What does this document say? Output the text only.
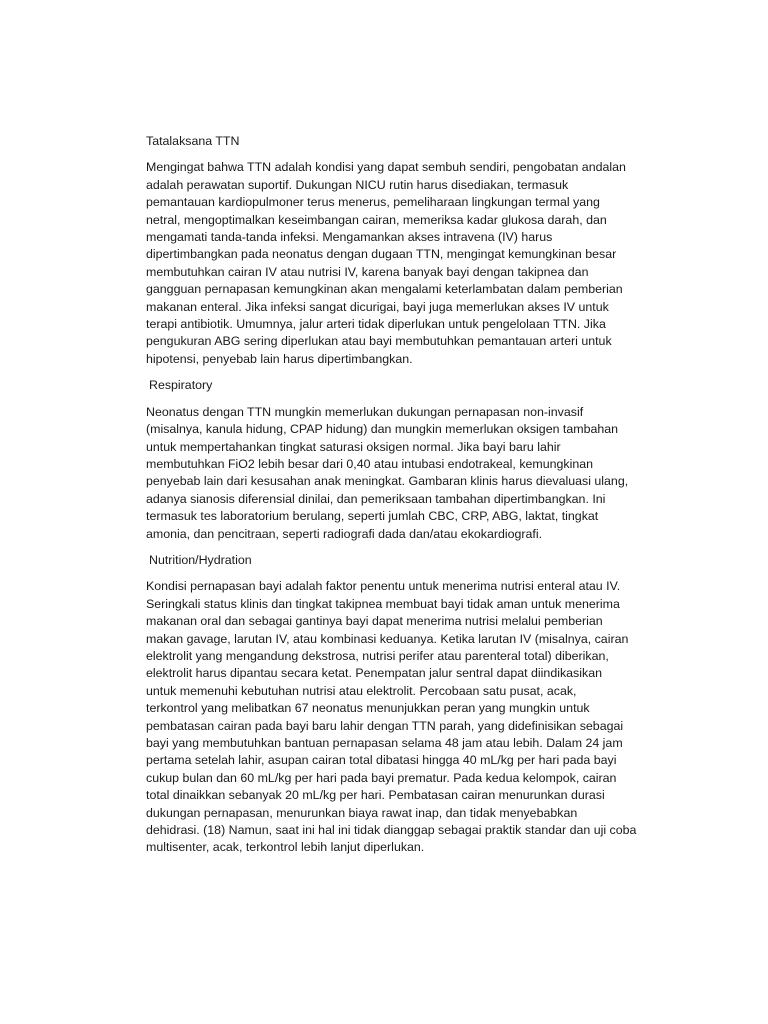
Tatalaksana TTN
Mengingat bahwa TTN adalah kondisi yang dapat sembuh sendiri, pengobatan andalan
adalah perawatan suportif. Dukungan NICU rutin harus disediakan, termasuk
pemantauan kardiopulmoner terus menerus, pemeliharaan lingkungan termal yang
netral, mengoptimalkan keseimbangan cairan, memeriksa kadar glukosa darah, dan
mengamati tanda-tanda infeksi. Mengamankan akses intravena (IV) harus
dipertimbangkan pada neonatus dengan dugaan TTN, mengingat kemungkinan besar
membutuhkan cairan IV atau nutrisi IV, karena banyak bayi dengan takipnea dan
gangguan pernapasan kemungkinan akan mengalami keterlambatan dalam pemberian
makanan enteral. Jika infeksi sangat dicurigai, bayi juga memerlukan akses IV untuk
terapi antibiotik. Umumnya, jalur arteri tidak diperlukan untuk pengelolaan TTN. Jika
pengukuran ABG sering diperlukan atau bayi membutuhkan pemantauan arteri untuk
hipotensi, penyebab lain harus dipertimbangkan.
Respiratory
Neonatus dengan TTN mungkin memerlukan dukungan pernapasan non-invasif
(misalnya, kanula hidung, CPAP hidung) dan mungkin memerlukan oksigen tambahan
untuk mempertahankan tingkat saturasi oksigen normal. Jika bayi baru lahir
membutuhkan FiO2 lebih besar dari 0,40 atau intubasi endotrakeal, kemungkinan
penyebab lain dari kesusahan anak meningkat. Gambaran klinis harus dievaluasi ulang,
adanya sianosis diferensial dinilai, dan pemeriksaan tambahan dipertimbangkan. Ini
termasuk tes laboratorium berulang, seperti jumlah CBC, CRP, ABG, laktat, tingkat
amonia, dan pencitraan, seperti radiografi dada dan/atau ekokardiografi.
Nutrition/Hydration
Kondisi pernapasan bayi adalah faktor penentu untuk menerima nutrisi enteral atau IV.
Seringkali status klinis dan tingkat takipnea membuat bayi tidak aman untuk menerima
makanan oral dan sebagai gantinya bayi dapat menerima nutrisi melalui pemberian
makan gavage, larutan IV, atau kombinasi keduanya. Ketika larutan IV (misalnya, cairan
elektrolit yang mengandung dekstrosa, nutrisi perifer atau parenteral total) diberikan,
elektrolit harus dipantau secara ketat. Penempatan jalur sentral dapat diindikasikan
untuk memenuhi kebutuhan nutrisi atau elektrolit. Percobaan satu pusat, acak,
terkontrol yang melibatkan 67 neonatus menunjukkan peran yang mungkin untuk
pembatasan cairan pada bayi baru lahir dengan TTN parah, yang didefinisikan sebagai
bayi yang membutuhkan bantuan pernapasan selama 48 jam atau lebih. Dalam 24 jam
pertama setelah lahir, asupan cairan total dibatasi hingga 40 mL/kg per hari pada bayi
cukup bulan dan 60 mL/kg per hari pada bayi prematur. Pada kedua kelompok, cairan
total dinaikkan sebanyak 20 mL/kg per hari. Pembatasan cairan menurunkan durasi
dukungan pernapasan, menurunkan biaya rawat inap, dan tidak menyebabkan
dehidrasi. (18) Namun, saat ini hal ini tidak dianggap sebagai praktik standar dan uji coba
multisenter, acak, terkontrol lebih lanjut diperlukan.
